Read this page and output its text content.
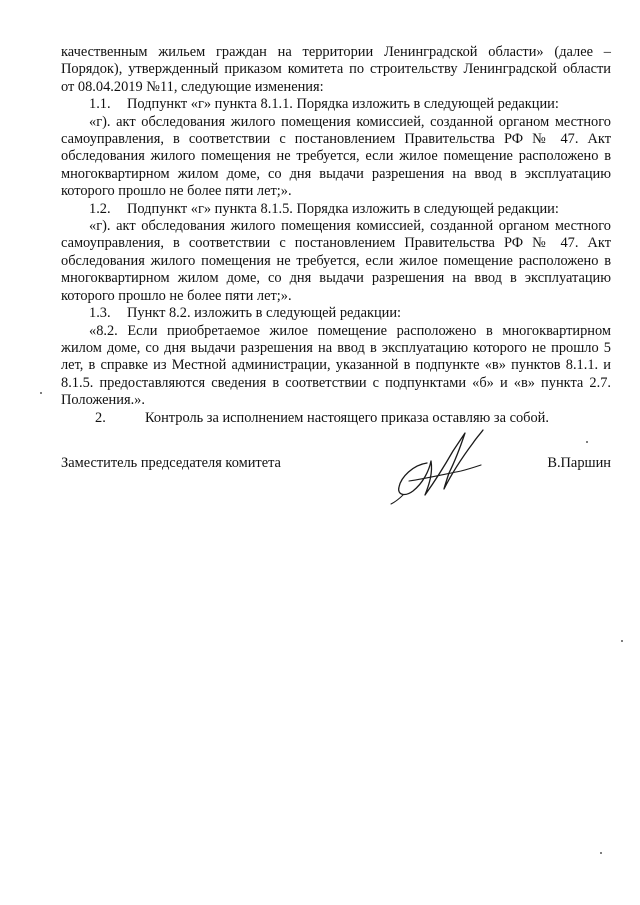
качественным жильем граждан на территории Ленинградской области» (далее – Порядок), утвержденный приказом комитета по строительству Ленинградской области от 08.04.2019 №11, следующие изменения:

1.1.	Подпункт «г» пункта 8.1.1. Порядка изложить в следующей редакции:

«г). акт обследования жилого помещения комиссией, созданной органом местного самоуправления, в соответствии с постановлением Правительства РФ № 47. Акт обследования жилого помещения не требуется, если жилое помещение расположено в многоквартирном жилом доме, со дня выдачи разрешения на ввод в эксплуатацию которого прошло не более пяти лет;».

1.2.	Подпункт «г» пункта 8.1.5. Порядка изложить в следующей редакции:

«г). акт обследования жилого помещения комиссией, созданной органом местного самоуправления, в соответствии с постановлением Правительства РФ № 47. Акт обследования жилого помещения не требуется, если жилое помещение расположено в многоквартирном жилом доме, со дня выдачи разрешения на ввод в эксплуатацию которого прошло не более пяти лет;».

1.3.	Пункт 8.2. изложить в следующей редакции:

«8.2. Если приобретаемое жилое помещение расположено в многоквартирном жилом доме, со дня выдачи разрешения на ввод в эксплуатацию которого не прошло 5 лет, в справке из Местной администрации, указанной в подпункте «в» пунктов 8.1.1. и 8.1.5. предоставляются сведения в соответствии с подпунктами «б» и «в» пункта 2.7. Положения.».

2.	Контроль за исполнением настоящего приказа оставляю за собой.
Заместитель председателя комитета	В.Паршин
